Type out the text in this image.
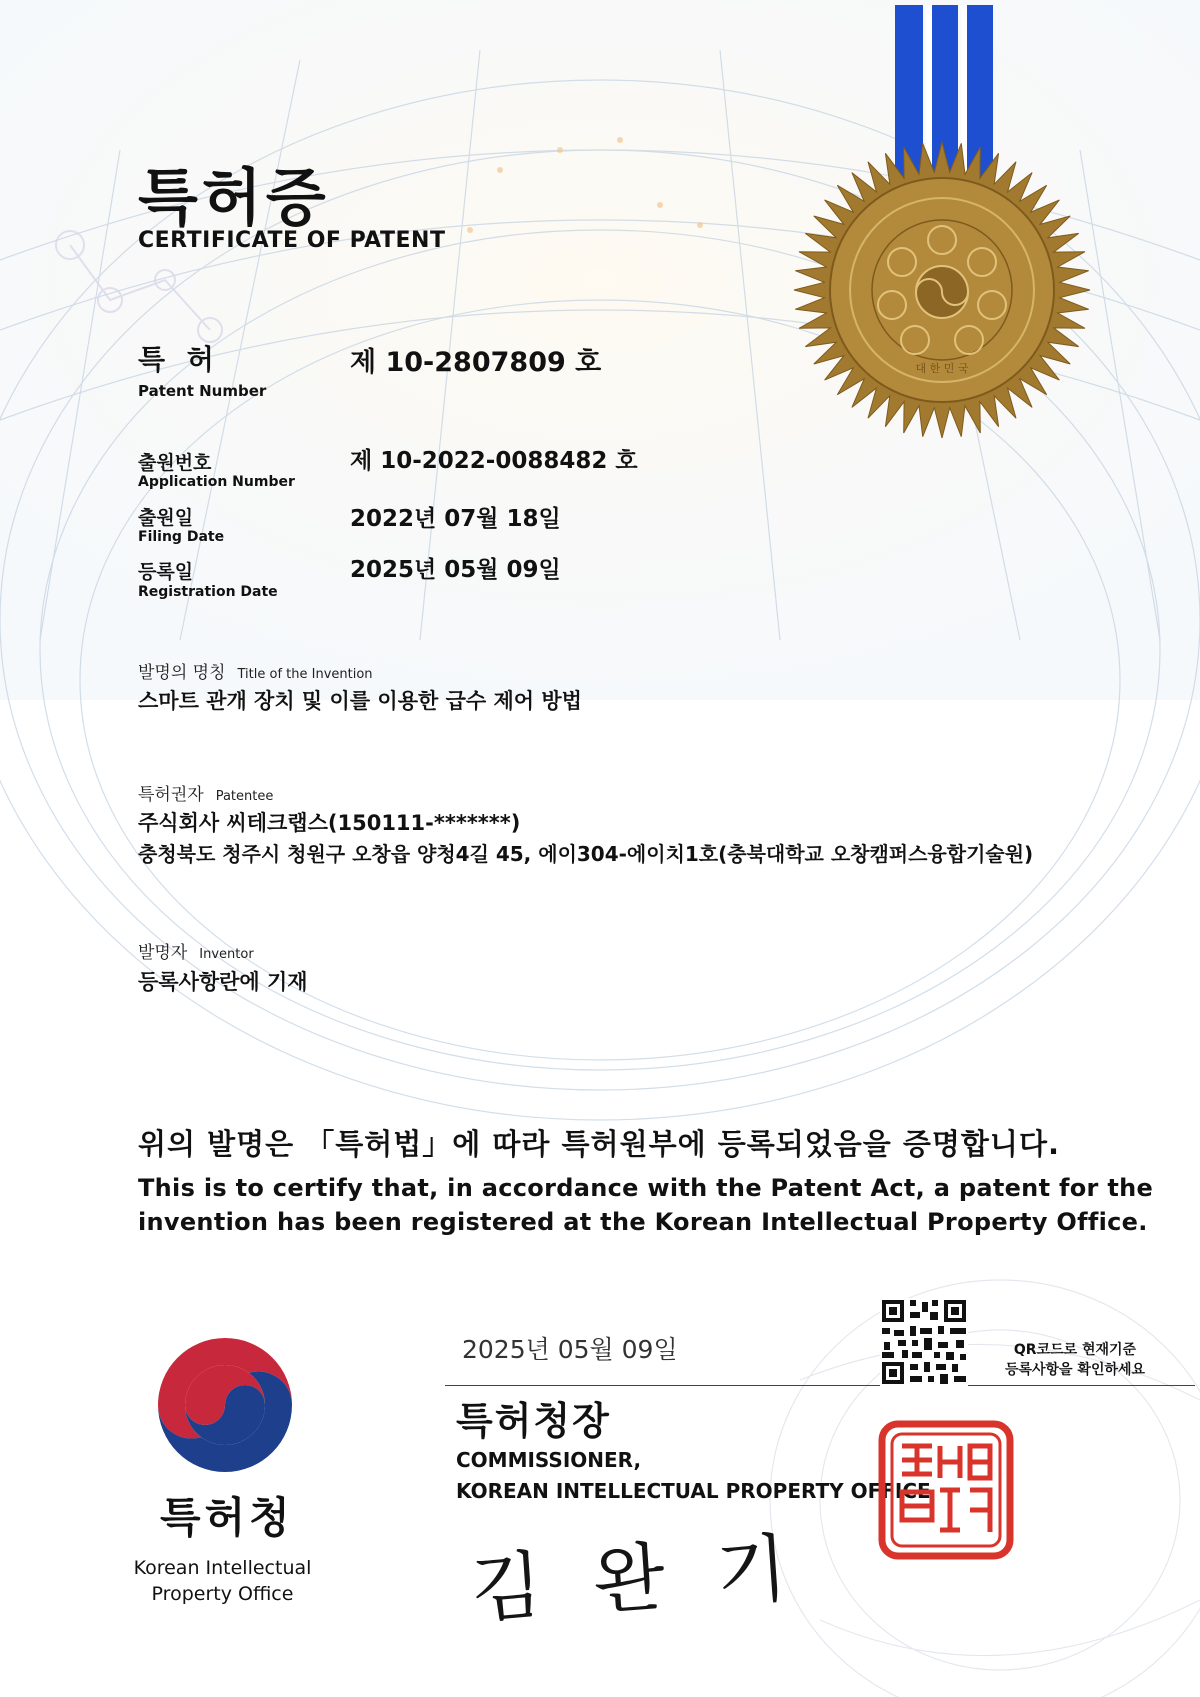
대 한 민 국
특허증
CERTIFICATE OF PATENT
특 허
Patent Number
제 10-2807809 호
출원번호
Application Number
제 10-2022-0088482 호
출원일
Filing Date
2022년 07월 18일
등록일
Registration Date
2025년 05월 09일
발명의 명칭 Title of the Invention
스마트 관개 장치 및 이를 이용한 급수 제어 방법
특허권자 Patentee
주식회사 씨테크랩스(150111-*******)
충청북도 청주시 청원구 오창읍 양청4길 45, 에이304-에이치1호(충북대학교 오창캠퍼스융합기술원)
발명자 Inventor
등록사항란에 기재
위의 발명은 「특허법」에 따라 특허원부에 등록되었음을 증명합니다.
This is to certify that, in accordance with the Patent Act, a patent for the
invention has been registered at the Korean Intellectual Property Office.
2025년 05월 09일	QR코드로 현재기준
등록사항을 확인하세요
특허청장
COMMISSIONER,
KOREAN INTELLECTUAL PROPERTY OFFICE
김 완 기
특허청
Korean Intellectual
Property Office
